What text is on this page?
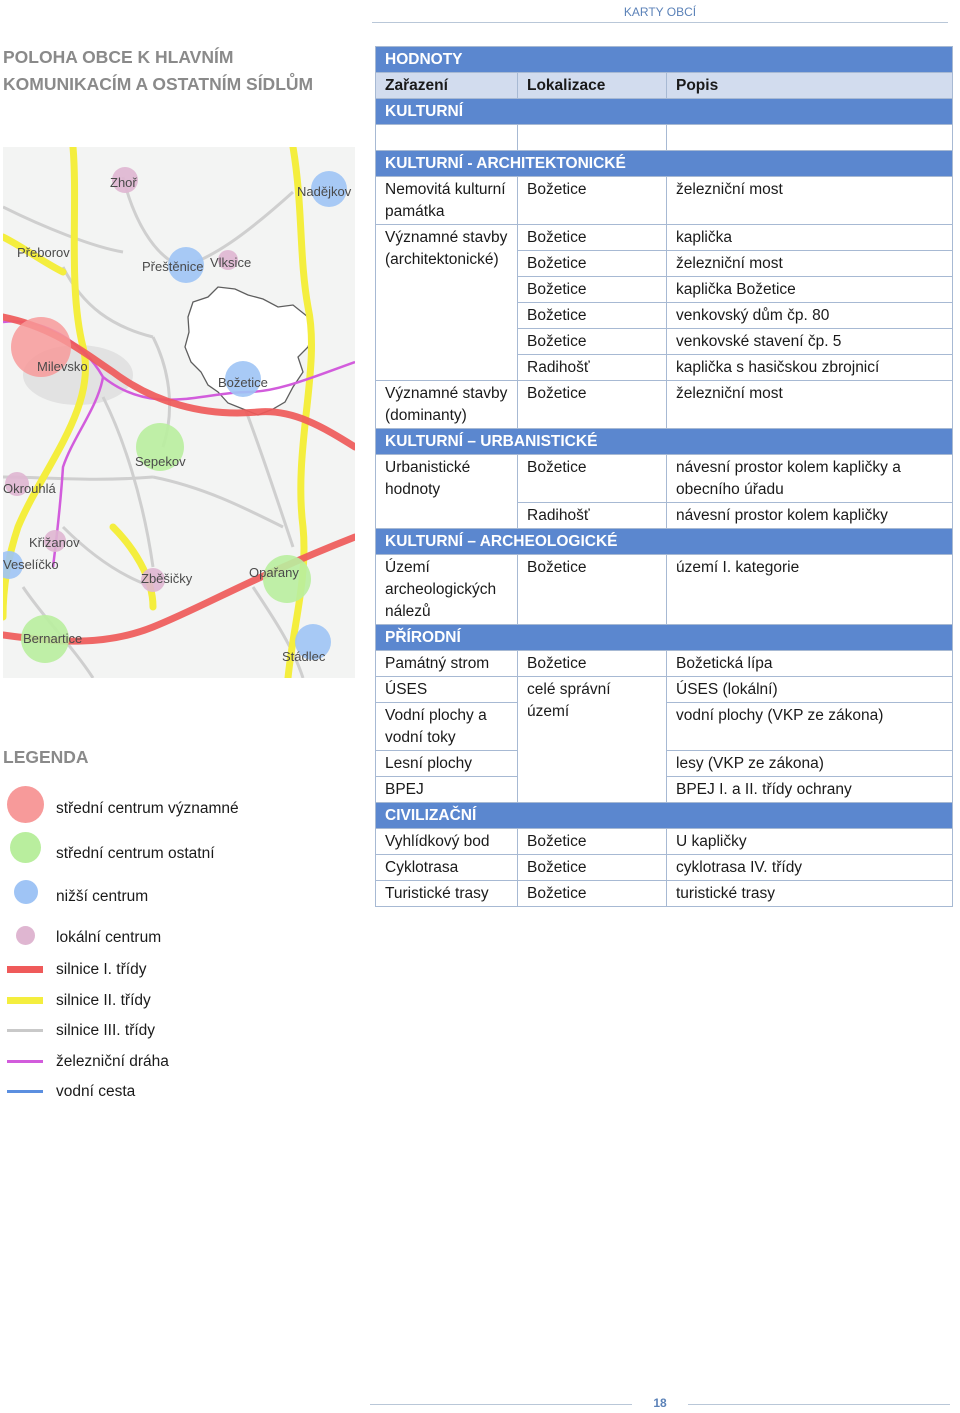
KARTY OBCÍ
POLOHA OBCE K HLAVNÍM KOMUNIKACÍM A OSTATNÍM SÍDLŮM
Zhoř
Nadějkov
Přeborov
Přeštěnice Vlksice
Milevsko
Božetice
Sepekov
Okrouhlá
Křižanov
Veselíčko
Zběšičky	Opařany
Bernartice
Stádlec
LEGENDA
střední centrum významné
střední centrum ostatní
nižší centrum
lokální centrum
silnice I. třídy
silnice II. třídy
silnice III. třídy
železniční dráha
vodní cesta
HODNOTY		
Zařazení	Lokalizace	Popis
KULTURNÍ		

KULTURNÍ - ARCHITEKTONICKÉ		
Nemovitá kulturní památka	Božetice	železniční most
Významné stavby (architektonické)	Božetice	kaplička
	Božetice	železniční most
	Božetice	kaplička Božetice
	Božetice	venkovský dům čp. 80
	Božetice	venkovské stavení čp. 5
	Radihošť	kaplička s hasičskou zbrojnicí
Významné stavby (dominanty)	Božetice	železniční most
KULTURNÍ – URBANISTICKÉ		
Urbanistické hodnoty	Božetice	návesní prostor kolem kapličky a obecního úřadu
	Radihošť	návesní prostor kolem kapličky
KULTURNÍ – ARCHEOLOGICKÉ		
Území archeologických nálezů	Božetice	území I. kategorie
PŘÍRODNÍ		
Památný strom	Božetice	Božetická lípa
ÚSES	celé správní území	ÚSES (lokální)
Vodní plochy a vodní toky		vodní plochy (VKP ze zákona)
Lesní plochy		lesy (VKP ze zákona)
BPEJ		BPEJ I. a II. třídy ochrany
CIVILIZAČNÍ		
Vyhlídkový bod	Božetice	U kapličky
Cyklotrasa	Božetice	cyklotrasa IV. třídy
Turistické trasy	Božetice	turistické trasy
18
